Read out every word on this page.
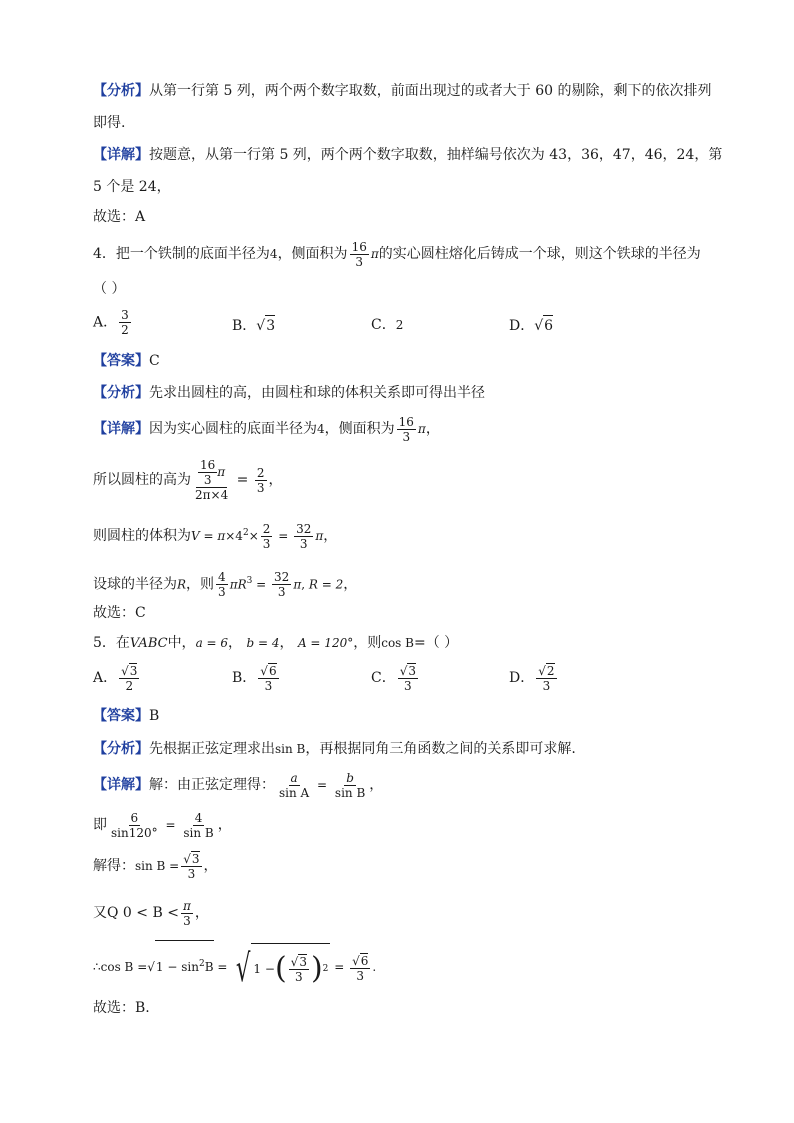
【分析】从第一行第 5 列，两个两个数字取数，前面出现过的或者大于 60 的剔除，剩下的依次排列
即得.
【详解】按题意，从第一行第 5 列，两个两个数字取数，抽样编号依次为 43，36，47，46，24，第
5 个是 24，
故选：A
4．把一个铁制的底面半径为4，侧面积为 $\frac{16}{3}$ π的实心圆柱熔化后铸成一个球，则这个铁球的半径为
（ ）
A． $\frac{3}{2}$	B．√3	C．2	D．√6
【答案】C
【分析】先求出圆柱的高，由圆柱和球的体积关系即可得出半径
【详解】因为实心圆柱的底面半径为4，侧面积为 $\frac{16}{3}$ π，
所以圆柱的高为 $\frac{\frac{16}{3} \pi}{2\pi\times 4} = \frac{2}{3}$ ，
则圆柱的体积为$V = \pi\times 4^2\times \frac{2}{3} = \frac{32}{3}$ π，
设球的半径为R，则 $\frac{4}{3} \pi R^3 = \frac{32}{3} \pi$, R = 2，
故选：C
5．在VABC中，a = 6， b = 4， A = 120°，则cos B=（ ）
A． $\frac{√3}{2}$	B． $\frac{√6}{3}$	C． $\frac{√3}{3}$	D． $\frac{√2}{3}$
【答案】B
【分析】先根据正弦定理求出sin B，再根据同角三角函数之间的关系即可求解.
【详解】解：由正弦定理得： $\frac{a}{\text{sin A}} = \frac{b}{\text{sin B}}$ ，
即 $\frac{6}{\sin 120^\circ} = \frac{4}{\text{sin B}}$ ，
解得：$\sin B = \frac{√3}{3}$ ，
又Q $0 < B < \frac{\pi}{3}$ ，
∴cos $B =√1 - \sin^2B$ = √ 1 − ( √3
3 ) $2 = \frac{√6}{3}$ .
故选：B.
